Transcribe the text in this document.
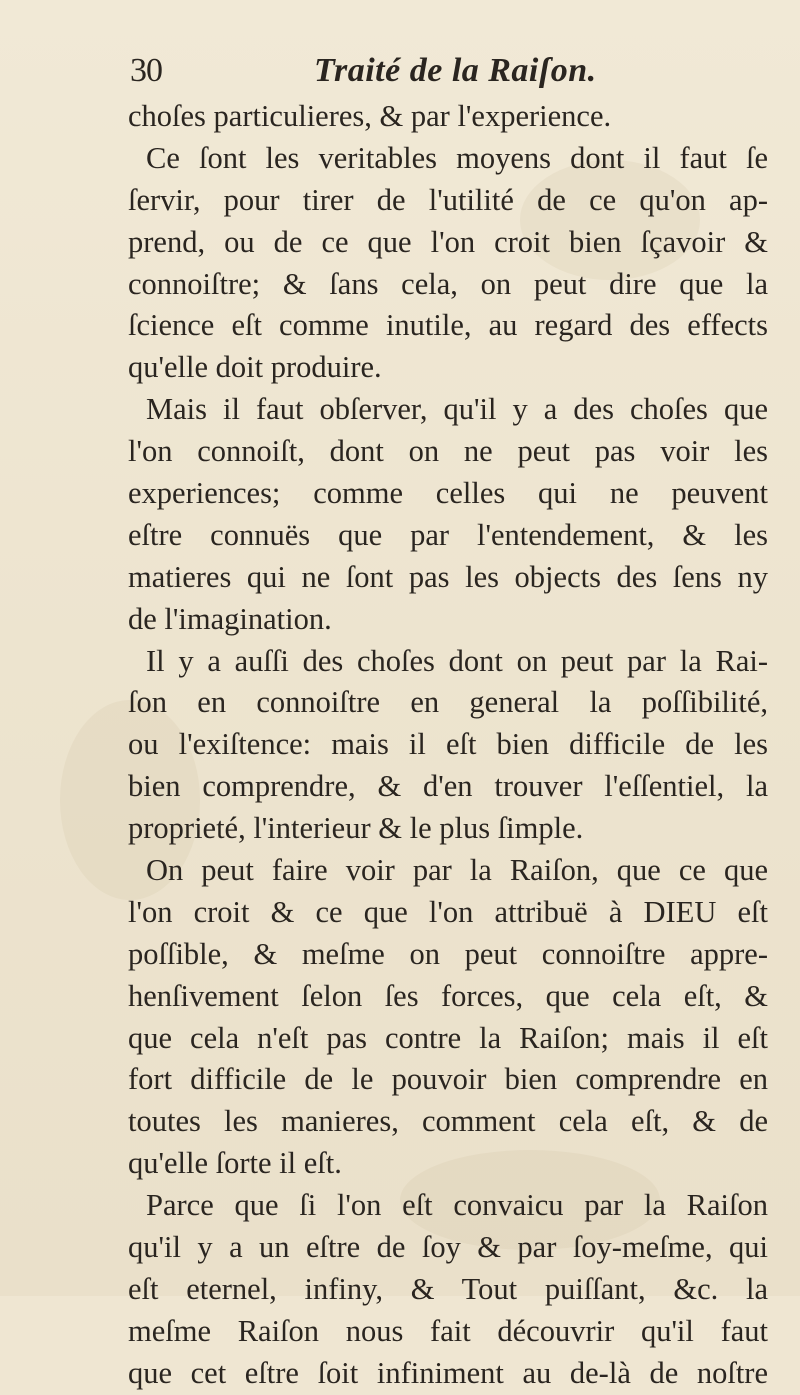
30	Traité de la Raiſon.
choſes particulieres, & par l'experience.
Ce ſont les veritables moyens dont il faut ſe
ſervir, pour tirer de l'utilité de ce qu'on ap-
prend, ou de ce que l'on croit bien ſçavoir &
connoiſtre; & ſans cela, on peut dire que la
ſcience eſt comme inutile, au regard des effects
qu'elle doit produire.
Mais il faut obſerver, qu'il y a des choſes que
l'on connoiſt, dont on ne peut pas voir les
experiences; comme celles qui ne peuvent
eſtre connuës que par l'entendement, & les
matieres qui ne ſont pas les objects des ſens ny
de l'imagination.
Il y a auſſi des choſes dont on peut par la Rai-
ſon en connoiſtre en general la poſſibilité,
ou l'exiſtence: mais il eſt bien difficile de les
bien comprendre, & d'en trouver l'eſſentiel, la
proprieté, l'interieur & le plus ſimple.
On peut faire voir par la Raiſon, que ce que
l'on croit & ce que l'on attribuë à DIEU eſt
poſſible, & meſme on peut connoiſtre appre-
henſivement ſelon ſes forces, que cela eſt, &
que cela n'eſt pas contre la Raiſon; mais il eſt
fort difficile de le pouvoir bien comprendre en
toutes les manieres, comment cela eſt, & de
qu'elle ſorte il eſt.
Parce que ſi l'on eſt convaicu par la Raiſon
qu'il y a un eſtre de ſoy & par ſoy-meſme, qui
eſt eternel, infiny, & Tout puiſſant, &c. la
meſme Raiſon nous fait découvrir qu'il faut
que cet eſtre ſoit infiniment au de-là de noſtre
